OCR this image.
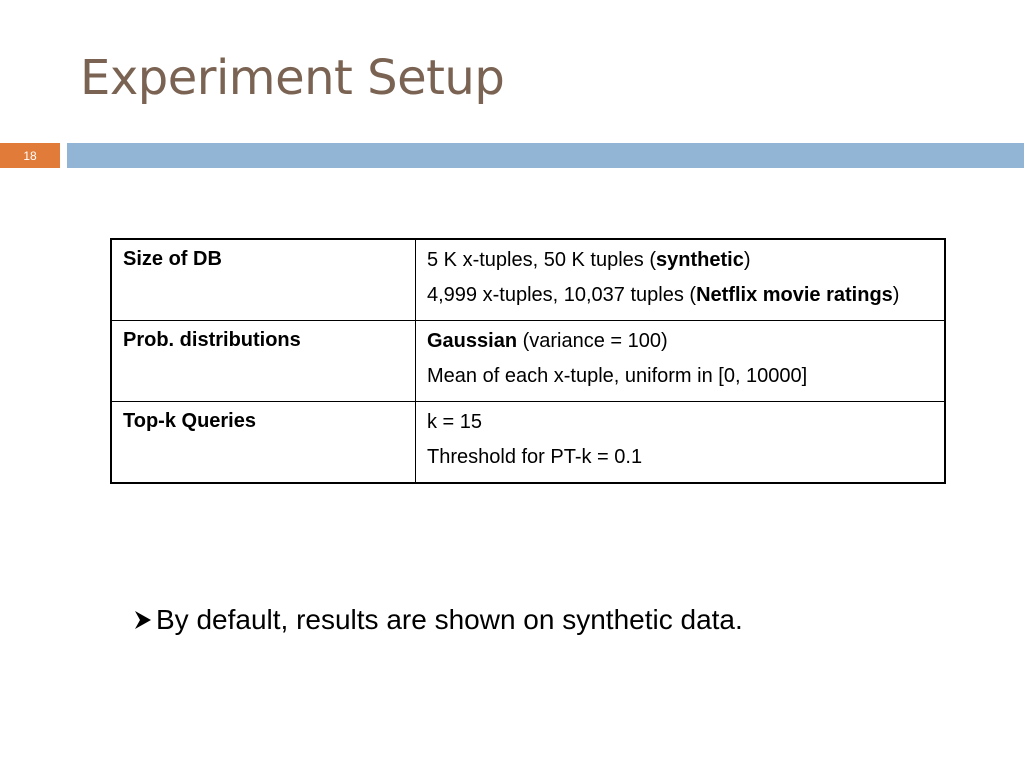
Experiment Setup
18
Size of DB	5 K x-tuples, 50 K tuples (synthetic)

4,999 x-tuples, 10,037 tuples (Netflix movie ratings)

Prob. distributions	Gaussian (variance = 100)

Mean of each x-tuple, uniform in [0, 10000]

Top-k Queries	k = 15

Threshold for PT-k = 0.1

By default, results are shown on synthetic data.
